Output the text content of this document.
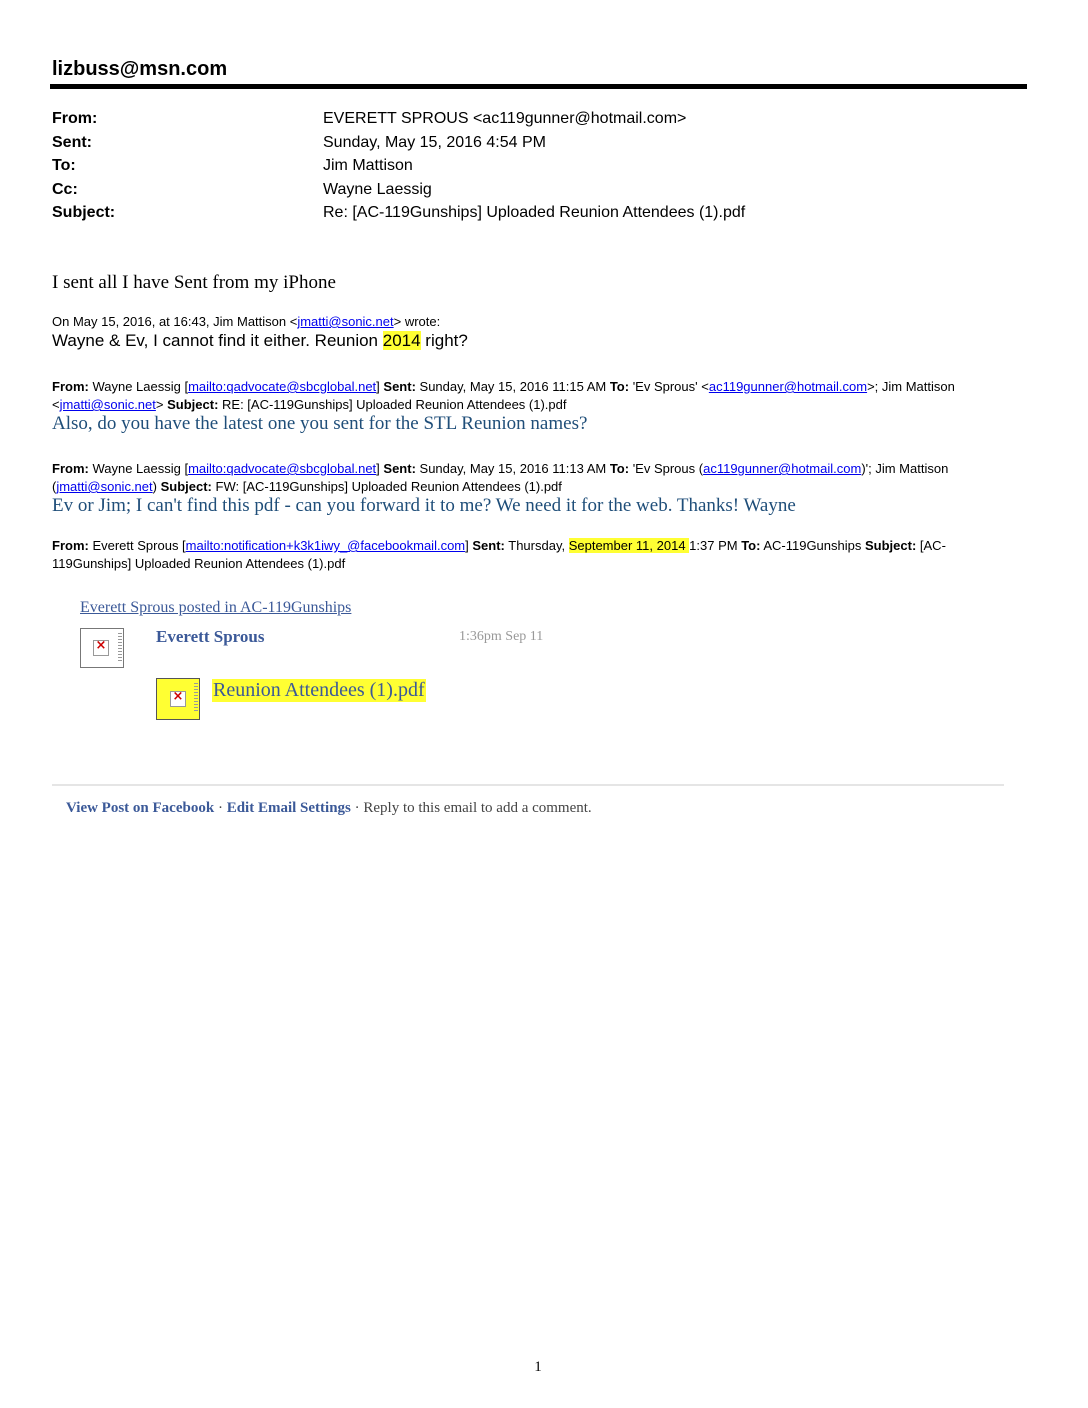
lizbuss@msn.com
From:	EVERETT SPROUS <ac119gunner@hotmail.com>
Sent:	Sunday, May 15, 2016 4:54 PM
To:	Jim Mattison
Cc:	Wayne Laessig
Subject:	Re: [AC-119Gunships] Uploaded Reunion Attendees (1).pdf
I sent all I have Sent from my iPhone
On May 15, 2016, at 16:43, Jim Mattison <jmatti@sonic.net> wrote:
Wayne & Ev, I cannot find it either. Reunion 2014 right?
From: Wayne Laessig [mailto:qadvocate@sbcglobal.net] Sent: Sunday, May 15, 2016 11:15 AM To: 'Ev Sprous' <ac119gunner@hotmail.com>; Jim Mattison <jmatti@sonic.net> Subject: RE: [AC-119Gunships] Uploaded Reunion Attendees (1).pdf
Also, do you have the latest one you sent for the STL Reunion names?
From: Wayne Laessig [mailto:qadvocate@sbcglobal.net] Sent: Sunday, May 15, 2016 11:13 AM To: 'Ev Sprous (ac119gunner@hotmail.com)'; Jim Mattison (jmatti@sonic.net) Subject: FW: [AC-119Gunships] Uploaded Reunion Attendees (1).pdf
Ev or Jim; I can't find this pdf - can you forward it to me? We need it for the web. Thanks! Wayne
From: Everett Sprous [mailto:notification+k3k1iwy_@facebookmail.com] Sent: Thursday, September 11, 2014 1:37 PM To: AC-119Gunships Subject: [AC-119Gunships] Uploaded Reunion Attendees (1).pdf
Everett Sprous posted in AC-119Gunships
×	Everett Sprous	1:36pm Sep 11
× Reunion Attendees (1).pdf
View Post on Facebook · Edit Email Settings · Reply to this email to add a comment.
1
